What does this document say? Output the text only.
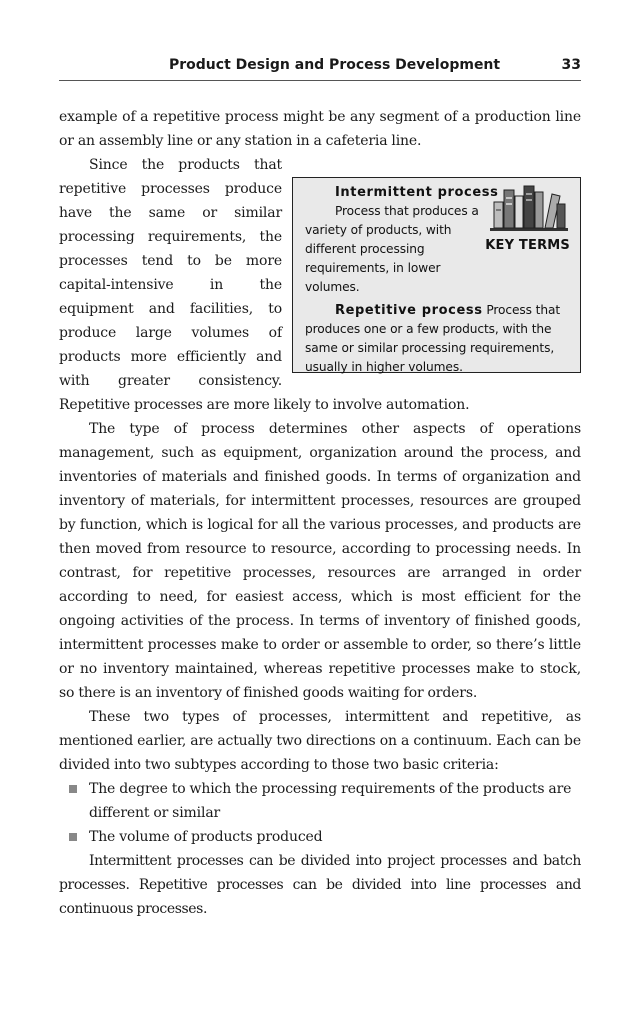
Product Design and Process Development	33

example of a repetitive process might be any segment of a production line or an assembly line or any station in a cafeteria line.

KEY TERMS
Intermittent process
Process that produces a variety of products, with different processing requirements, in lower volumes.
Repetitive process Process that produces one or a few products, with the same or similar processing requirements, usually in higher volumes.
Since the products that repetitive processes produce have the same or similar processing requirements, the processes tend to be more capital-intensive in the equipment and facilities, to produce large volumes of products more efficiently and with greater consistency. Repetitive processes are more likely to involve automation.

The type of process determines other aspects of operations management, such as equipment, organization around the process, and inventories of materials and finished goods. In terms of organization and inventory of materials, for intermittent processes, resources are grouped by function, which is logical for all the various processes, and products are then moved from resource to resource, according to processing needs. In contrast, for repetitive processes, resources are arranged in order according to need, for easiest access, which is most efficient for the ongoing activities of the process. In terms of inventory of finished goods, intermittent processes make to order or assemble to order, so there’s little or no inventory maintained, whereas repetitive processes make to stock, so there is an inventory of finished goods waiting for orders.

These two types of processes, intermittent and repetitive, as mentioned earlier, are actually two directions on a continuum. Each can be divided into two subtypes according to those two basic criteria:

The degree to which the processing requirements of the products are different or similar
The volume of products produced

Intermittent processes can be divided into project processes and batch processes. Repetitive processes can be divided into line processes and continuous processes.
